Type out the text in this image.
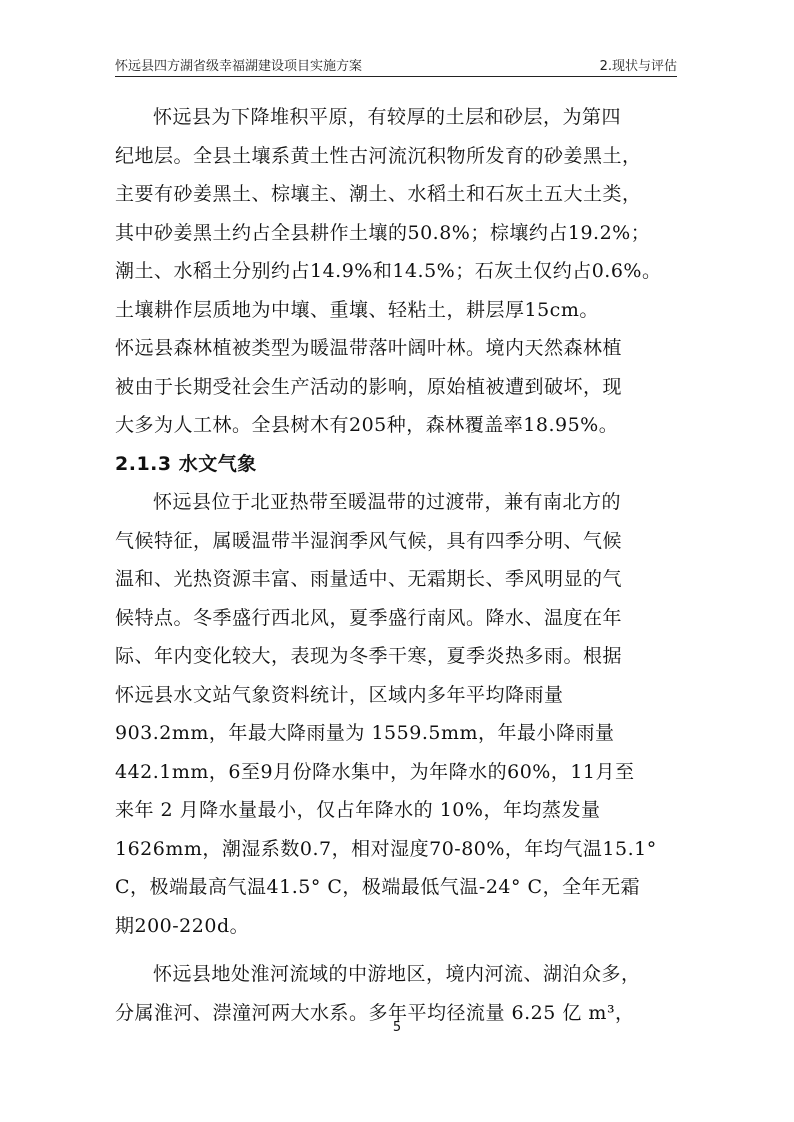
怀远县四方湖省级幸福湖建设项目实施方案	2.现状与评估
怀远县为下降堆积平原，有较厚的土层和砂层，为第四
纪地层。全县土壤系黄土性古河流沉积物所发育的砂姜黑土，
主要有砂姜黑土、棕壤主、潮土、水稻土和石灰土五大土类，
其中砂姜黑土约占全县耕作土壤的50.8%；棕壤约占19.2%；
潮土、水稻土分别约占14.9%和14.5%；石灰土仅约占0.6%。
土壤耕作层质地为中壤、重壤、轻粘土，耕层厚15cm。
怀远县森林植被类型为暖温带落叶阔叶林。境内天然森林植
被由于长期受社会生产活动的影响，原始植被遭到破坏，现
大多为人工林。全县树木有205种，森林覆盖率18.95%。

2.1.3 水文气象

怀远县位于北亚热带至暖温带的过渡带，兼有南北方的
气候特征，属暖温带半湿润季风气候，具有四季分明、气候
温和、光热资源丰富、雨量适中、无霜期长、季风明显的气
候特点。冬季盛行西北风，夏季盛行南风。降水、温度在年
际、年内变化较大，表现为冬季干寒，夏季炎热多雨。根据
怀远县水文站气象资料统计，区域内多年平均降雨量
903.2mm，年最大降雨量为 1559.5mm，年最小降雨量
442.1mm，6至9月份降水集中，为年降水的60%，11月至
来年 2 月降水量最小，仅占年降水的 10%，年均蒸发量
1626mm，潮湿系数0.7，相对湿度70-80%，年均气温15.1°
C，极端最高气温41.5° C，极端最低气温-24° C，全年无霜
期200-220d。
怀远县地处淮河流域的中游地区，境内河流、湖泊众多，
分属淮河、漴潼河两大水系。多年平均径流量 6.25 亿 m³，
5
